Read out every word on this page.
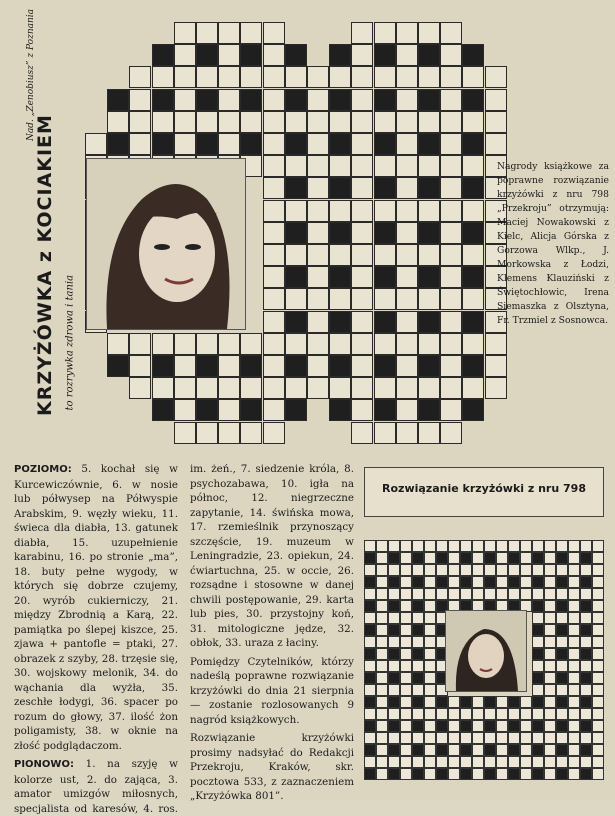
KRZYŻÓWKA z KOCIAKIEM to rozrywka zdrowa i tania
Nad. „Zenobiusz” z Poznania
Nagrody książkowe za poprawne rozwiązanie krzyżówki z nru 798 „Przekroju” otrzymują: Maciej Nowakowski z Kielc, Alicja Górska z Gorzowa Wlkp., J. Morkowska z Łodzi, Klemens Klauziński z Świętochłowic, Irena Siemaszka z Olsztyna, Fr. Trzmiel z Sosnowca.

POZIOMO: 5. kochał się w Kurcewiczównie, 6. w nosie lub półwysep na Półwyspie Arabskim, 9. węzły wieku, 11. świeca dla diabła, 13. gatunek diabła, 15. uzupełnienie karabinu, 16. po stronie „ma”, 18. buty pełne wygody, w których się dobrze czujemy, 20. wyrób cukierniczy, 21. między Zbrodnią a Karą, 22. pamiątka po ślepej kiszce, 25. zjawa + pantofle = ptaki, 27. obrazek z szyby, 28. trzęsie się, 30. wojskowy melonik, 34. do wąchania dla wyżła, 35. zeschłe łodygi, 36. spacer po rozum do głowy, 37. ilość żon poligamisty, 38. w oknie na złość podglądaczom.

PIONOWO: 1. na szyję w kolorze ust, 2. do zająca, 3. amator umizgów miłosnych, specjalista od karesów, 4. ros. im. żeń., 7. siedzenie króla, 8. psychozabawa, 10. igła na północ, 12. niegrzeczne zapytanie, 14. świńska mowa, 17. rzemieślnik przynoszący szczęście, 19. muzeum w Leningradzie, 23. opiekun, 24. ćwiartuchna, 25. w occie, 26. rozsądne i stosowne w danej chwili postępowanie, 29. karta lub pies, 30. przystojny koń, 31. mitologiczne jędze, 32. obłok, 33. uraza z łaciny.

Pomiędzy Czytelników, którzy nadeślą poprawne rozwiązanie krzyżówki do dnia 21 sierpnia — zostanie rozlosowanych 9 nagród książkowych.

Rozwiązanie krzyżówki prosimy nadsyłać do Redakcji Przekroju, Kraków, skr. pocztowa 533, z zaznaczeniem „Krzyżówka 801”.

Rozwiązanie krzyżówki z nru 798
